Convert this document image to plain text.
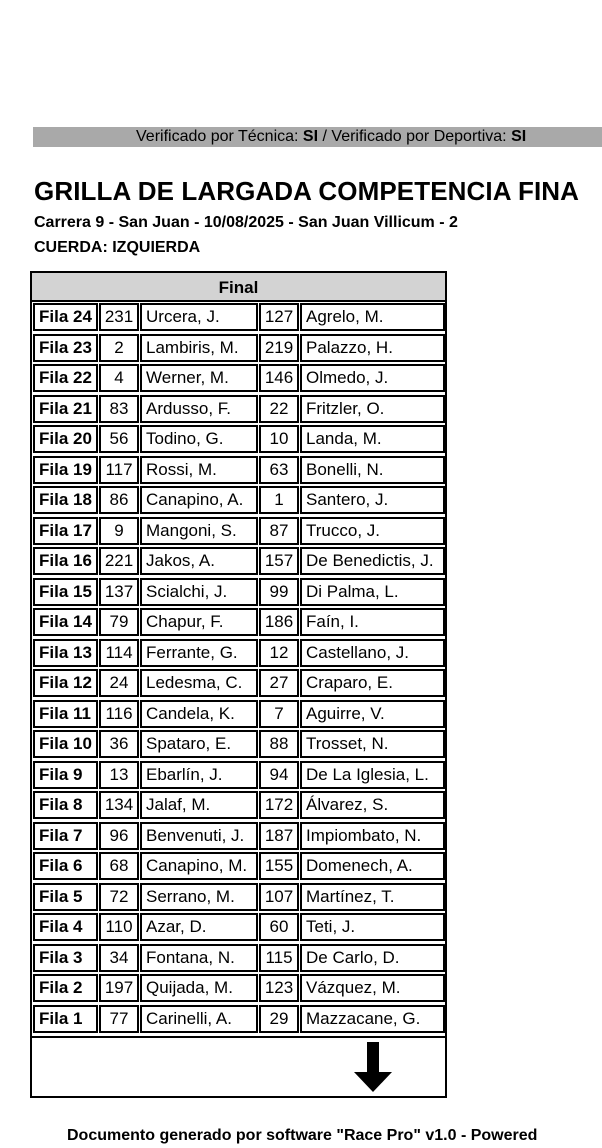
Verificado por Técnica: SI / Verificado por Deportiva: SI
GRILLA DE LARGADA COMPETENCIA FINA
Carrera 9 - San Juan - 10/08/2025 - San Juan Villicum - 2
CUERDA: IZQUIERDA
Final
Fila 24 231 Urcera, J.	127 Agrelo, M.
Fila 23	2	Lambiris, M.	219 Palazzo, H.
Fila 22	4	Werner, M.	146 Olmedo, J.
Fila 21	83	Ardusso, F.	22	Fritzler, O.
Fila 20	56	Todino, G.	10	Landa, M.
Fila 19 117 Rossi, M.	63	Bonelli, N.
Fila 18	86	Canapino, A.	1	Santero, J.
Fila 17	9	Mangoni, S.	87	Trucco, J.
Fila 16 221 Jakos, A.	157 De Benedictis, J.
Fila 15 137 Scialchi, J.	99	Di Palma, L.
Fila 14	79	Chapur, F.	186 Faín, I.
Fila 13 114 Ferrante, G.	12	Castellano, J.
Fila 12	24	Ledesma, C.	27	Craparo, E.
Fila 11 116 Candela, K.	7	Aguirre, V.
Fila 10	36	Spataro, E.	88	Trosset, N.
Fila 9	13	Ebarlín, J.	94	De La Iglesia, L.
Fila 8	134 Jalaf, M.	172 Álvarez, S.
Fila 7	96	Benvenuti, J.	187 Impiombato, N.
Fila 6	68	Canapino, M.	155 Domenech, A.
Fila 5	72	Serrano, M.	107 Martínez, T.
Fila 4	110 Azar, D.	60	Teti, J.
Fila 3	34	Fontana, N.	115 De Carlo, D.
Fila 2	197 Quijada, M.	123 Vázquez, M.
Fila 1	77	Carinelli, A.	29	Mazzacane, G.
Documento generado por software "Race Pro" v1.0 - Powered
